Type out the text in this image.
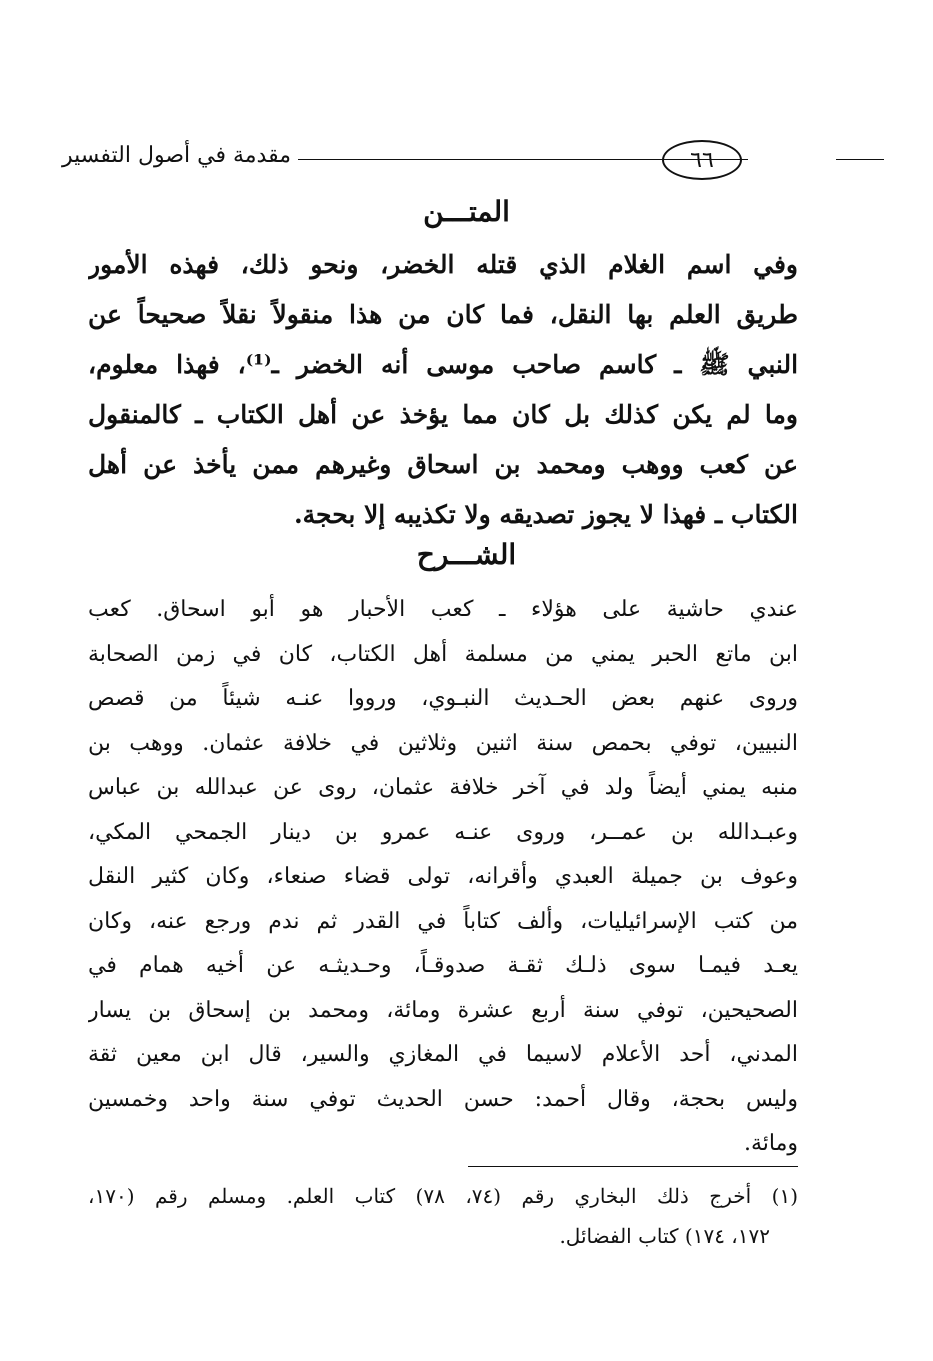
مقدمة في أصول التفسير	٦٦
المتـــن
وفي اسم الغلام الذي قتله الخضر، ونحو ذلك، فهذه الأمور
طريق العلم بها النقل، فما كان من هذا منقولاً نقلاً صحيحاً عن
النبي ﷺ ـ كاسم صاحب موسى أنه الخضر ـ⁽¹⁾، فهذا معلوم،
وما لم يكن كذلك بل كان مما يؤخذ عن أهل الكتاب ـ كالمنقول
عن كعب ووهب ومحمد بن اسحاق وغيرهم ممن يأخذ عن أهل
الكتاب ـ فهذا لا يجوز تصديقه ولا تكذيبه إلا بحجة.
الشـــرح
عندي حاشية على هؤلاء ـ كعب الأحبار هو أبو اسحاق. كعب
ابن ماتع الحبر يمني من مسلمة أهل الكتاب، كان في زمن الصحابة
وروى عنهم بعض الحـديث النبـوي، ورووا عنـه شيئاً من قصص
النبيين، توفي بحمص سنة اثنين وثلاثين في خلافة عثمان. ووهب بن
منبه يمني أيضاً ولد في آخر خلافة عثمان، روى عن عبدالله بن عباس
وعبـدالله بن عمــر، وروى عنـه عمرو بن دينار الجمحي المكي،
وعوف بن جميلة العبدي وأقرانه، تولى قضاء صنعاء، وكان كثير النقل
من كتب الإسرائيليات، وألف كتاباً في القدر ثم ندم ورجع عنه، وكان
يعـد فيمـا سوى ذلـك ثقـة صدوقـاً، وحـديثـه عن أخيه همام في
الصحيحين، توفي سنة أربع عشرة ومائة، ومحمد بن إسحاق بن يسار
المدني، أحد الأعلام لاسيما في المغازي والسير، قال ابن معين ثقة
وليس بحجة، وقال أحمد: حسن الحديث توفي سنة واحد وخمسين
ومائة.
(١) أخرج ذلك البخاري رقم (٧٤، ٧٨) كتاب العلم. ومسلم رقم (١٧٠،
١٧٢، ١٧٤) كتاب الفضائل.
